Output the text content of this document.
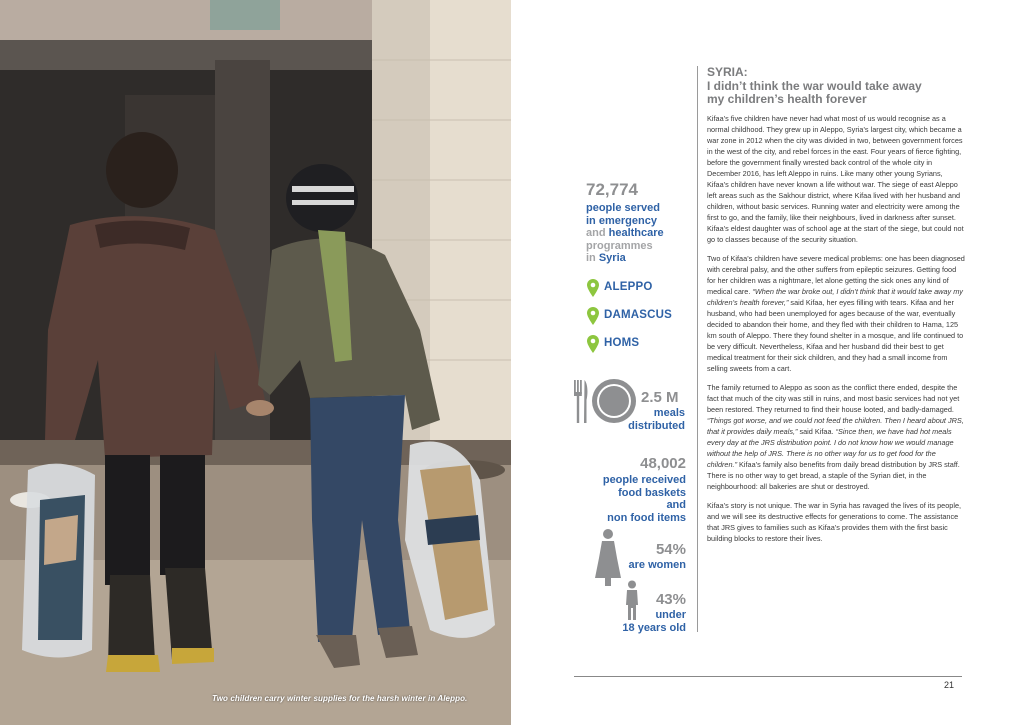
Two children carry winter supplies for the harsh winter in Aleppo.
72,774
people served
in emergency
and healthcare
programmes
in Syria
ALEPPO
DAMASCUS
HOMS
2.5 M
meals
distributed
48,002
people received
food baskets
and
non food items
54%
are women
43%
under
18 years old
SYRIA:
I didn’t think the war would take away
my children’s health forever

Kifaa’s five children have never had what most of us would recognise as a normal childhood. They grew up in Aleppo, Syria’s largest city, which became a war zone in 2012 when the city was divided in two, between government forces in the west of the city, and rebel forces in the east. Four years of fierce fighting, before the government finally wrested back control of the whole city in December 2016, has left Aleppo in ruins. Like many other young Syrians, Kifaa’s children have never known a life without war. The siege of east Aleppo left areas such as the Sakhour district, where Kifaa lived with her husband and children, without basic services. Running water and electricity were among the first to go, and the family, like their neighbours, lived in darkness after sunset. Kifaa’s eldest daughter was of school age at the start of the siege, but could not go to classes because of the security situation.

Two of Kifaa’s children have severe medical problems: one has been diagnosed with cerebral palsy, and the other suffers from epileptic seizures. Getting food for her children was a nightmare, let alone getting the sick ones any kind of medical care. “When the war broke out, I didn’t think that it would take away my children’s health forever,” said Kifaa, her eyes filling with tears. Kifaa and her husband, who had been unemployed for ages because of the war, eventually decided to abandon their home, and they fled with their children to Hama, 125 km south of Aleppo. There they found shelter in a mosque, and life continued to be very difficult. Nevertheless, Kifaa and her husband did their best to get medical treatment for their sick children, and they had a small income from selling sweets from a cart.

The family returned to Aleppo as soon as the conflict there ended, despite the fact that much of the city was still in ruins, and most basic services had not yet been restored. They returned to find their house looted, and badly-damaged. “Things got worse, and we could not feed the children. Then I heard about JRS, that it provides daily meals,” said Kifaa. “Since then, we have had hot meals every day at the JRS distribution point. I do not know how we would manage without the help of JRS. There is no other way for us to get food for the children.” Kifaa’s family also benefits from daily bread distribution by JRS staff. There is no other way to get bread, a staple of the Syrian diet, in the neighbourhood: all bakeries are shut or destroyed.

Kifaa’s story is not unique. The war in Syria has ravaged the lives of its people, and we will see its destructive effects for generations to come. The assistance that JRS gives to families such as Kifaa’s provides them with the first basic building blocks to restore their lives.

21
